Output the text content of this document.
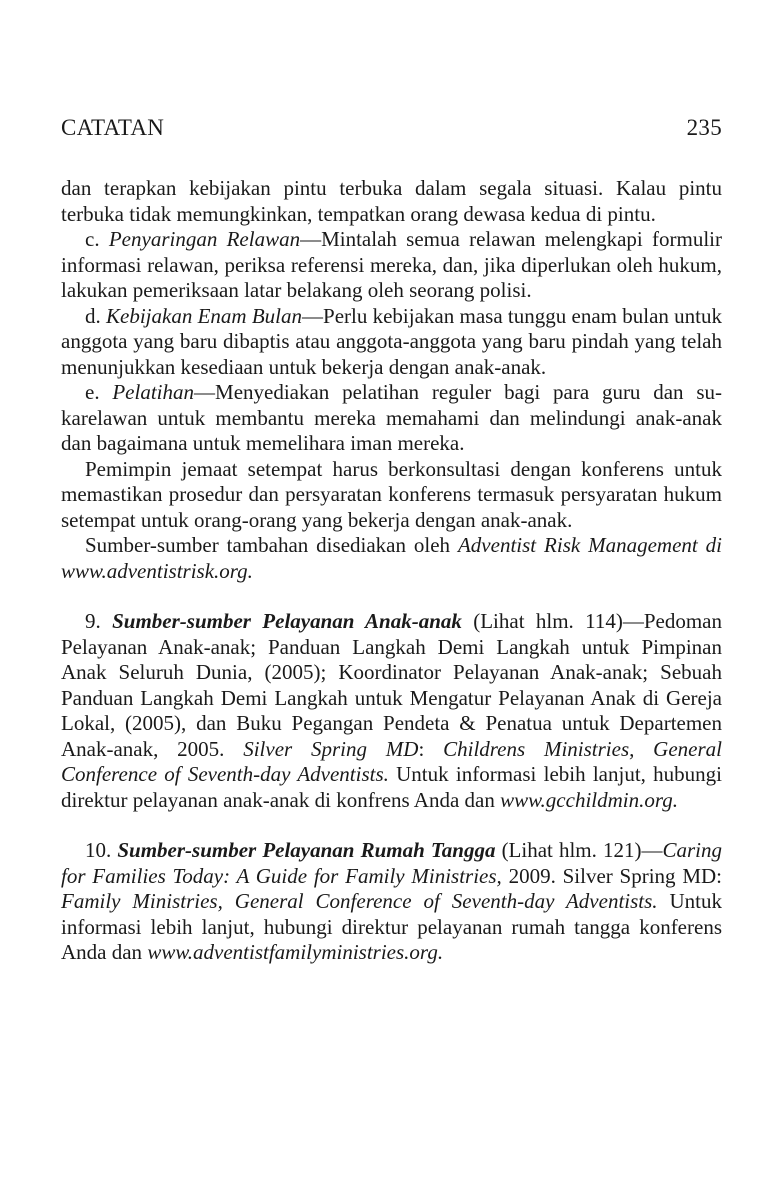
CATATAN	235

dan terapkan kebijakan pintu terbuka dalam segala situasi. Kalau pintu terbuka tidak memungkinkan, tempatkan orang dewasa kedua di pintu.

c. Penyaringan Relawan—Mintalah semua relawan melengkapi formulir informasi relawan, periksa referensi mereka, dan, jika diperlukan oleh hukum, lakukan pemeriksaan latar belakang oleh seorang polisi.

d. Kebijakan Enam Bulan—Perlu kebijakan masa tunggu enam bulan untuk anggota yang baru dibaptis atau anggota-anggota yang baru pindah yang telah menunjukkan kesediaan untuk bekerja dengan anak-anak.

e. Pelatihan—Menyediakan pelatihan reguler bagi para guru dan sukarelawan untuk membantu mereka memahami dan melindungi anak-anak dan bagaimana untuk memelihara iman mereka.

Pemimpin jemaat setempat harus berkonsultasi dengan konferens untuk memastikan prosedur dan persyaratan konferens termasuk persyaratan hukum setempat untuk orang-orang yang bekerja dengan anak-anak.

Sumber-sumber tambahan disediakan oleh Adventist Risk Management di www.adventistrisk.org.

9. Sumber-sumber Pelayanan Anak-anak (Lihat hlm. 114)—Pedoman Pelayanan Anak-anak; Panduan Langkah Demi Langkah untuk Pimpinan Anak Seluruh Dunia, (2005); Koordinator Pelayanan Anak-anak; Sebuah Panduan Langkah Demi Langkah untuk Mengatur Pelayanan Anak di Gereja Lokal, (2005), dan Buku Pegangan Pendeta & Penatua untuk Departemen Anak-anak, 2005. Silver Spring MD: Childrens Ministries, General Conference of Seventh-day Adventists. Untuk informasi lebih lanjut, hubungi direktur pelayanan anak-anak di konfrens Anda dan www.gcchildmin.org.

10. Sumber-sumber Pelayanan Rumah Tangga (Lihat hlm. 121)—Caring for Families Today: A Guide for Family Ministries, 2009. Silver Spring MD: Family Ministries, General Conference of Seventh-day Adventists. Untuk informasi lebih lanjut, hubungi direktur pelayanan rumah tangga konferens Anda dan www.adventistfamilyministries.org.
